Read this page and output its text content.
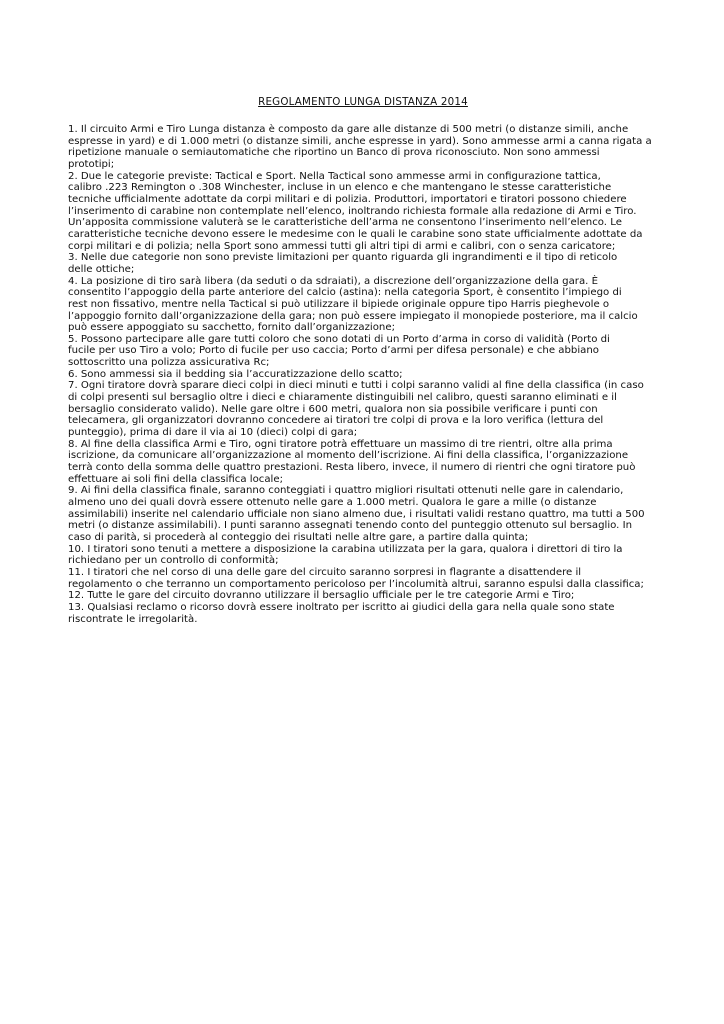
REGOLAMENTO LUNGA DISTANZA 2014
1. Il circuito Armi e Tiro Lunga distanza è composto da gare alle distanze di 500 metri (o distanze simili, anche
espresse in yard) e di 1.000 metri (o distanze simili, anche espresse in yard). Sono ammesse armi a canna rigata a
ripetizione manuale o semiautomatiche che riportino un Banco di prova riconosciuto. Non sono ammessi
prototipi;
2. Due le categorie previste: Tactical e Sport. Nella Tactical sono ammesse armi in configurazione tattica,
calibro .223 Remington o .308 Winchester, incluse in un elenco e che mantengano le stesse caratteristiche
tecniche ufficialmente adottate da corpi militari e di polizia. Produttori, importatori e tiratori possono chiedere
l’inserimento di carabine non contemplate nell’elenco, inoltrando richiesta formale alla redazione di Armi e Tiro.
Un’apposita commissione valuterà se le caratteristiche dell’arma ne consentono l’inserimento nell’elenco. Le
caratteristiche tecniche devono essere le medesime con le quali le carabine sono state ufficialmente adottate da
corpi militari e di polizia; nella Sport sono ammessi tutti gli altri tipi di armi e calibri, con o senza caricatore;
3. Nelle due categorie non sono previste limitazioni per quanto riguarda gli ingrandimenti e il tipo di reticolo
delle ottiche;
4. La posizione di tiro sarà libera (da seduti o da sdraiati), a discrezione dell’organizzazione della gara. È
consentito l’appoggio della parte anteriore del calcio (astina): nella categoria Sport, è consentito l’impiego di
rest non fissativo, mentre nella Tactical si può utilizzare il bipiede originale oppure tipo Harris pieghevole o
l’appoggio fornito dall’organizzazione della gara; non può essere impiegato il monopiede posteriore, ma il calcio
può essere appoggiato su sacchetto, fornito dall’organizzazione;
5. Possono partecipare alle gare tutti coloro che sono dotati di un Porto d’arma in corso di validità (Porto di
fucile per uso Tiro a volo; Porto di fucile per uso caccia; Porto d’armi per difesa personale) e che abbiano
sottoscritto una polizza assicurativa Rc;
6. Sono ammessi sia il bedding sia l’accuratizzazione dello scatto;
7. Ogni tiratore dovrà sparare dieci colpi in dieci minuti e tutti i colpi saranno validi al fine della classifica (in caso
di colpi presenti sul bersaglio oltre i dieci e chiaramente distinguibili nel calibro, questi saranno eliminati e il
bersaglio considerato valido). Nelle gare oltre i 600 metri, qualora non sia possibile verificare i punti con
telecamera, gli organizzatori dovranno concedere ai tiratori tre colpi di prova e la loro verifica (lettura del
punteggio), prima di dare il via ai 10 (dieci) colpi di gara;
8. Al fine della classifica Armi e Tiro, ogni tiratore potrà effettuare un massimo di tre rientri, oltre alla prima
iscrizione, da comunicare all’organizzazione al momento dell’iscrizione. Ai fini della classifica, l’organizzazione
terrà conto della somma delle quattro prestazioni. Resta libero, invece, il numero di rientri che ogni tiratore può
effettuare ai soli fini della classifica locale;
9. Ai fini della classifica finale, saranno conteggiati i quattro migliori risultati ottenuti nelle gare in calendario,
almeno uno dei quali dovrà essere ottenuto nelle gare a 1.000 metri. Qualora le gare a mille (o distanze
assimilabili) inserite nel calendario ufficiale non siano almeno due, i risultati validi restano quattro, ma tutti a 500
metri (o distanze assimilabili). I punti saranno assegnati tenendo conto del punteggio ottenuto sul bersaglio. In
caso di parità, si procederà al conteggio dei risultati nelle altre gare, a partire dalla quinta;
10. I tiratori sono tenuti a mettere a disposizione la carabina utilizzata per la gara, qualora i direttori di tiro la
richiedano per un controllo di conformità;
11. I tiratori che nel corso di una delle gare del circuito saranno sorpresi in flagrante a disattendere il
regolamento o che terranno un comportamento pericoloso per l’incolumità altrui, saranno espulsi dalla classifica;
12. Tutte le gare del circuito dovranno utilizzare il bersaglio ufficiale per le tre categorie Armi e Tiro;
13. Qualsiasi reclamo o ricorso dovrà essere inoltrato per iscritto ai giudici della gara nella quale sono state
riscontrate le irregolarità.
